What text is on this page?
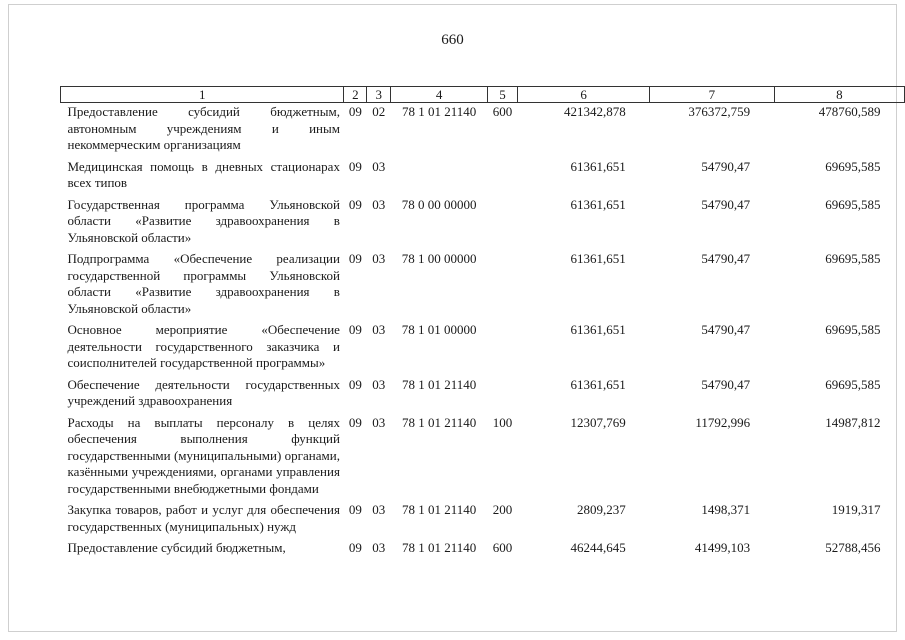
660
1	2	3	4	5	6	7	8
Предоставление субсидий бюджетным, автономным учреждениям и иным некоммерческим организациям	09	02	78 1 01 21140	600	421342,878	376372,759	478760,589
Медицинская помощь в дневных стационарах всех типов	09	03			61361,651	54790,47	69695,585
Государственная программа Ульяновской области «Развитие здравоохранения в Ульяновской области»	09	03	78 0 00 00000		61361,651	54790,47	69695,585
Подпрограмма «Обеспечение реализации государственной программы Ульяновской области «Развитие здравоохранения в Ульяновской области»	09	03	78 1 00 00000		61361,651	54790,47	69695,585
Основное мероприятие «Обеспечение деятельности государственного заказчика и соисполнителей государственной программы»	09	03	78 1 01 00000		61361,651	54790,47	69695,585
Обеспечение деятельности государственных учреждений здравоохранения	09	03	78 1 01 21140		61361,651	54790,47	69695,585
Расходы на выплаты персоналу в целях обеспечения выполнения функций государственными (муниципальными) органами, казёнными учреждениями, органами управления государственными внебюджетными фондами	09	03	78 1 01 21140	100	12307,769	11792,996	14987,812
Закупка товаров, работ и услуг для обеспечения государственных (муниципальных) нужд	09	03	78 1 01 21140	200	2809,237	1498,371	1919,317
Предоставление субсидий бюджетным,	09	03	78 1 01 21140	600	46244,645	41499,103	52788,456
